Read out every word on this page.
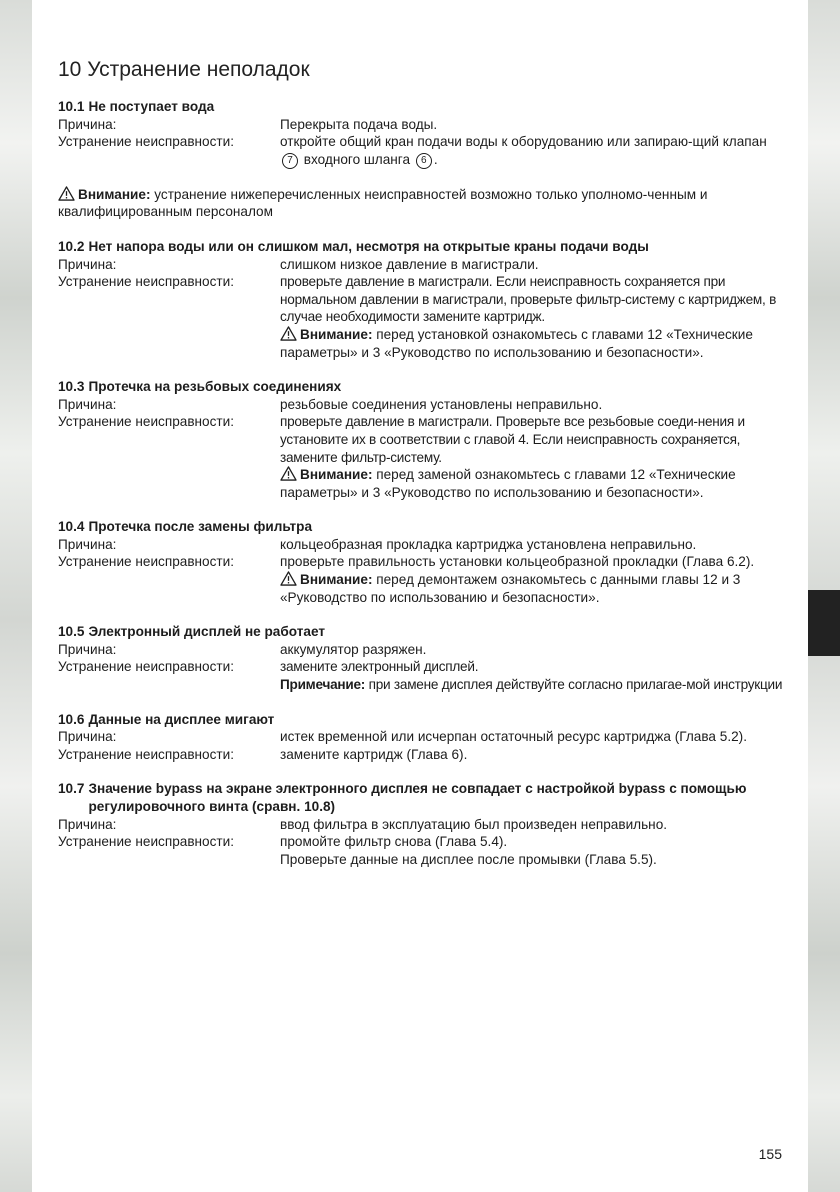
10 Устранение неполадок
10.1 Не поступает вода
Причина:	Перекрыта подача воды.
Устранение неисправности:	откройте общий кран подачи воды к оборудованию или запираю-щий клапан 7 входного шланга 6 .
Внимание: устранение нижеперечисленных неисправностей возможно только уполномо-ченным и квалифицированным персоналом
10.2 Нет напора воды или он слишком мал, несмотря на открытые краны подачи воды
Причина:	слишком низкое давление в магистрали.
Устранение неисправности:	проверьте давление в магистрали. Если неисправность сохраняется при нормальном давлении в магистрали, проверьте фильтр-систему с картриджем, в случае необходимости замените картридж.
Внимание: перед установкой ознакомьтесь с главами 12 «Технические параметры» и 3 «Руководство по использованию и безопасности».
10.3 Протечка на резьбовых соединениях
Причина:	резьбовые соединения установлены неправильно.
Устранение неисправности:	проверьте давление в магистрали. Проверьте все резьбовые соеди-нения и установите их в соответствии с главой 4. Если неисправность сохраняется, замените фильтр-систему.
Внимание: перед заменой ознакомьтесь с главами 12 «Технические параметры» и 3 «Руководство по использованию и безопасности».
10.4 Протечка после замены фильтра
Причина:	кольцеобразная прокладка картриджа установлена неправильно.
Устранение неисправности:	проверьте правильность установки кольцеобразной прокладки (Глава 6.2).
Внимание: перед демонтажем ознакомьтесь с данными главы 12 и 3 «Руководство по использованию и безопасности».
10.5 Электронный дисплей не работает
Причина:	аккумулятор разряжен.
Устранение неисправности:	замените электронный дисплей.
Примечание: при замене дисплея действуйте согласно прилагае-мой инструкции
10.6 Данные на дисплее мигают
Причина:	истек временной или исчерпан остаточный ресурс картриджа (Глава 5.2).
Устранение неисправности:	замените картридж (Глава 6).
10.7 Значение bypass на экране электронного дисплея не совпадает с настройкой bypass с помощью регулировочного винта (сравн. 10.8)
Причина:	ввод фильтра в эксплуатацию был произведен неправильно.
Устранение неисправности:	промойте фильтр снова (Глава 5.4).
Проверьте данные на дисплее после промывки (Глава 5.5).
155
